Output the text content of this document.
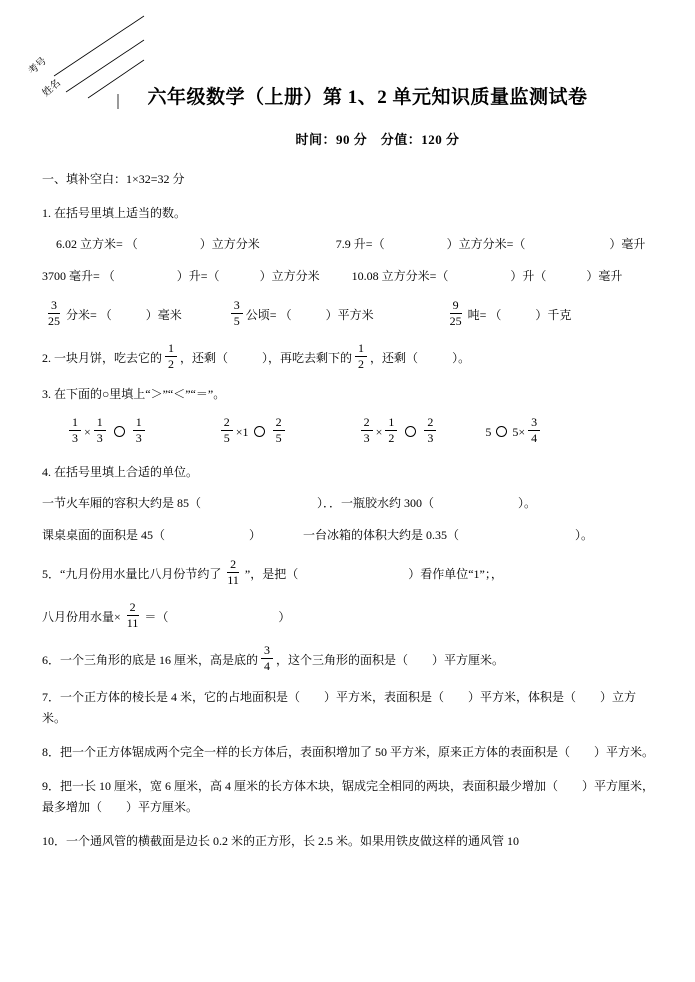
考号
姓名	六年级数学（上册）第 1、2 单元知识质量监测试卷
时间：90 分　分值：120 分
一、填补空白：1×32=32 分
1. 在括号里填上适当的数。
6.02 立方米= （	）立方分米	7.9 升=（	）立方分米=（	）毫升
3700 毫升= （	）升=（	）立方分米	10.08 立方分米=（	）升（	）毫升
$\frac{3}{25}$ 分米= （	）毫米	$\frac{3}{5}$ 公顷= （	）平方米	$\frac{9}{25}$ 吨= （	）千克
2. 一块月饼，吃去它的 $\frac{1}{2}$ ，还剩（	），再吃去剩下的 $\frac{1}{2}$ ，还剩（	）。
3. 在下面的○里填上“＞”“＜”“＝”。
$\frac{1}{3} \times \frac{1}{3} \frac{1}{3}$	$\frac{2}{5} \times 1 \frac{2}{5}$	$\frac{2}{3} \times \frac{1}{2} \frac{2}{3}$	5 $5\times \frac{3}{4}$
4. 在括号里填上合适的单位。
一节火车厢的容积大约是 85（	）．．一瓶胶水约 300（	）。
课桌桌面的面积是 45（	）　　　　一台冰箱的体积大约是 0.35（	）。
5．“九月份用水量比八月份节约了 $\frac{2}{11}$ ”，是把（	）看作单位“1”；，
八月份用水量× $\frac{2}{11}$ ＝（	）
6．一个三角形的底是 16 厘米，高是底的 $\frac{3}{4}$ ，这个三角形的面积是（　　）平方厘米。
7．一个正方体的棱长是 4 米，它的占地面积是（　　）平方米，表面积是（　　）平方米，体积是（　　）立方米。
8．把一个正方体锯成两个完全一样的长方体后，表面积增加了 50 平方米，原来正方体的表面积是（　　）平方米。
9．把一长 10 厘米，宽 6 厘米，高 4 厘米的长方体木块，锯成完全相同的两块，表面积最少增加（　　）平方厘米，最多增加（　　）平方厘米。
10．一个通风管的横截面是边长 0.2 米的正方形，长 2.5 米。如果用铁皮做这样的通风管 10
